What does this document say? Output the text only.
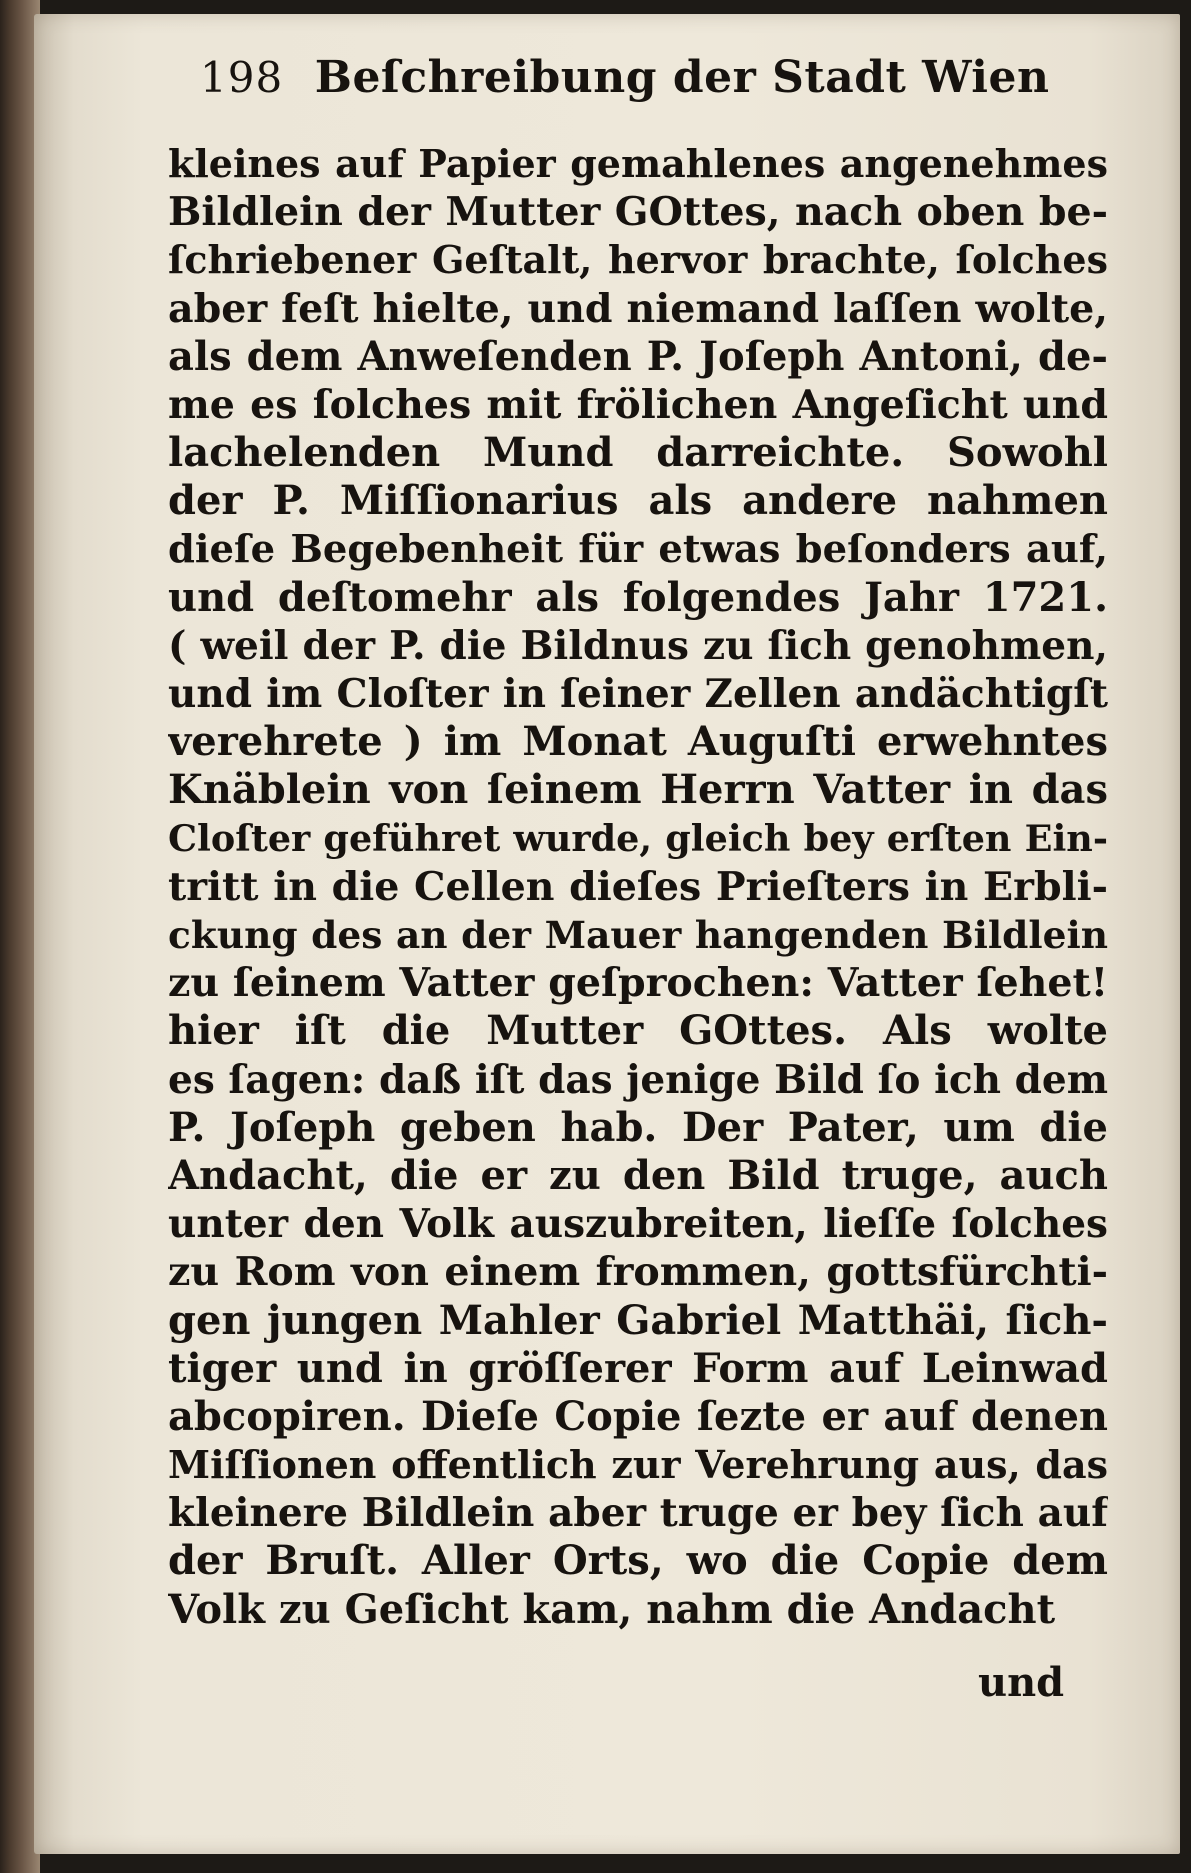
198 Beſchreibung der Stadt Wien
kleines auf Papier gemahlenes angenehmes
Bildlein der Mutter GOttes, nach oben be-
ſchriebener Geſtalt, hervor brachte, ſolches
aber feſt hielte, und niemand laſſen wolte,
als dem Anweſenden P. Joſeph Antoni, de-
me es ſolches mit frölichen Angeſicht und
lachelenden Mund darreichte. Sowohl
der P. Miſſionarius als andere nahmen
dieſe Begebenheit für etwas beſonders auf,
und deſtomehr als folgendes Jahr 1721.
( weil der P. die Bildnus zu ſich genohmen,
und im Cloſter in ſeiner Zellen andächtigſt
verehrete ) im Monat Auguſti erwehntes
Knäblein von ſeinem Herrn Vatter in das
Cloſter geführet wurde, gleich bey erſten Ein-
tritt in die Cellen dieſes Prieſters in Erbli-
ckung des an der Mauer hangenden Bildlein
zu ſeinem Vatter geſprochen: Vatter ſehet!
hier iſt die Mutter GOttes. Als wolte
es ſagen: daß iſt das jenige Bild ſo ich dem
P. Joſeph geben hab. Der Pater, um die
Andacht, die er zu den Bild truge, auch
unter den Volk auszubreiten, lieſſe ſolches
zu Rom von einem frommen, gottsfürchti-
gen jungen Mahler Gabriel Matthäi, ſich-
tiger und in gröſſerer Form auf Leinwad
abcopiren. Dieſe Copie ſezte er auf denen
Miſſionen offentlich zur Verehrung aus, das
kleinere Bildlein aber truge er bey ſich auf
der Bruſt. Aller Orts, wo die Copie dem
Volk zu Geſicht kam, nahm die Andacht
und
